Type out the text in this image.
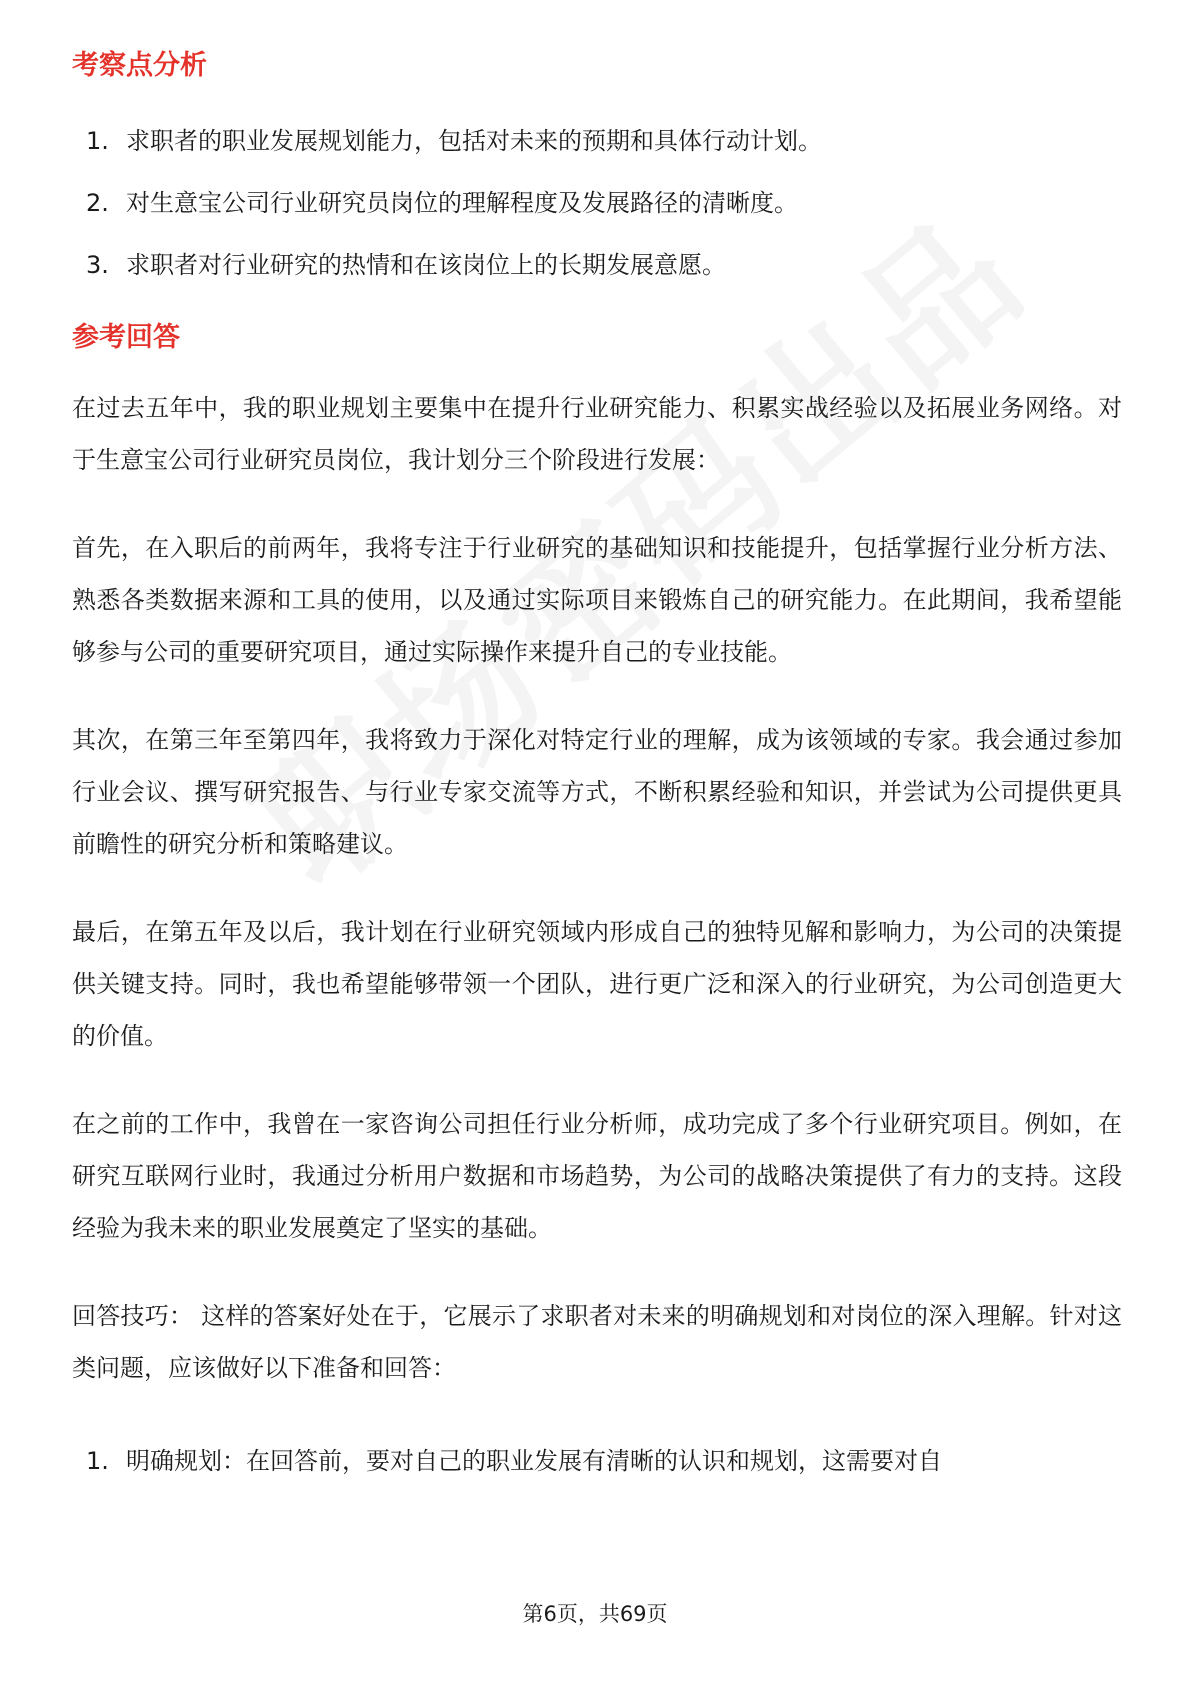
考察点分析
1. 求职者的职业发展规划能力，包括对未来的预期和具体行动计划。
2. 对生意宝公司行业研究员岗位的理解程度及发展路径的清晰度。
3. 求职者对行业研究的热情和在该岗位上的长期发展意愿。
参考回答

在过去五年中，我的职业规划主要集中在提升行业研究能力、积累实战经验以及拓展业务网络。对于生意宝公司行业研究员岗位，我计划分三个阶段进行发展：

首先，在入职后的前两年，我将专注于行业研究的基础知识和技能提升，包括掌握行业分析方法、熟悉各类数据来源和工具的使用，以及通过实际项目来锻炼自己的研究能力。在此期间，我希望能够参与公司的重要研究项目，通过实际操作来提升自己的专业技能。

其次，在第三年至第四年，我将致力于深化对特定行业的理解，成为该领域的专家。我会通过参加行业会议、撰写研究报告、与行业专家交流等方式，不断积累经验和知识，并尝试为公司提供更具前瞻性的研究分析和策略建议。

最后，在第五年及以后，我计划在行业研究领域内形成自己的独特见解和影响力，为公司的决策提供关键支持。同时，我也希望能够带领一个团队，进行更广泛和深入的行业研究，为公司创造更大的价值。

在之前的工作中，我曾在一家咨询公司担任行业分析师，成功完成了多个行业研究项目。例如，在研究互联网行业时，我通过分析用户数据和市场趋势，为公司的战略决策提供了有力的支持。这段经验为我未来的职业发展奠定了坚实的基础。

回答技巧： 这样的答案好处在于，它展示了求职者对未来的明确规划和对岗位的深入理解。针对这类问题，应该做好以下准备和回答：

1. 明确规划：在回答前，要对自己的职业发展有清晰的认识和规划，这需要对自
第6页，共69页
